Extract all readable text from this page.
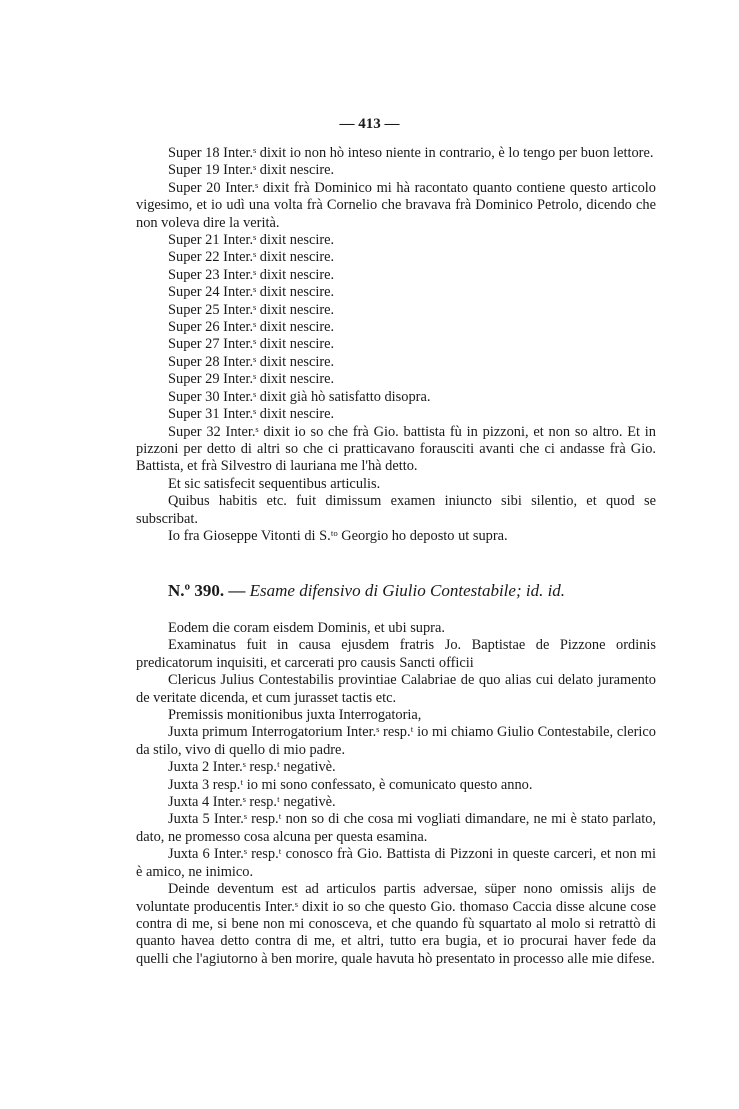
— 413 —

Super 18 Inter.ˢ dixit io non hò inteso niente in contrario, è lo tengo per buon lettore.

Super 19 Inter.ˢ dixit nescire.

Super 20 Inter.ˢ dixit frà Dominico mi hà racontato quanto contiene questo articolo vigesimo, et io udì una volta frà Cornelio che bravava frà Dominico Petrolo, dicendo che non voleva dire la verità.

Super 21 Inter.ˢ dixit nescire.

Super 22 Inter.ˢ dixit nescire.

Super 23 Inter.ˢ dixit nescire.

Super 24 Inter.ˢ dixit nescire.

Super 25 Inter.ˢ dixit nescire.

Super 26 Inter.ˢ dixit nescire.

Super 27 Inter.ˢ dixit nescire.

Super 28 Inter.ˢ dixit nescire.

Super 29 Inter.ˢ dixit nescire.

Super 30 Inter.ˢ dixit già hò satisfatto disopra.

Super 31 Inter.ˢ dixit nescire.

Super 32 Inter.ˢ dixit io so che frà Gio. battista fù in pizzoni, et non so altro. Et in pizzoni per detto di altri so che ci pratticavano forausciti avanti che ci andasse frà Gio. Battista, et frà Silvestro di lauriana me l'hà detto.

Et sic satisfecit sequentibus articulis.

Quibus habitis etc. fuit dimissum examen iniuncto sibi silentio, et quod se subscribat.

Io fra Gioseppe Vitonti di S.ᵗᵒ Georgio ho deposto ut supra.

N.º 390. — Esame difensivo di Giulio Contestabile; id. id.

Eodem die coram eisdem Dominis, et ubi supra.

Examinatus fuit in causa ejusdem fratris Jo. Baptistae de Pizzone ordinis predicatorum inquisiti, et carcerati pro causis Sancti officii

Clericus Julius Contestabilis provintiae Calabriae de quo alias cui delato juramento de veritate dicenda, et cum jurasset tactis etc.

Premissis monitionibus juxta Interrogatoria,

Juxta primum Interrogatorium Inter.ˢ resp.ᵗ io mi chiamo Giulio Contestabile, clerico da stilo, vivo di quello di mio padre.

Juxta 2 Inter.ˢ resp.ᵗ negativè.

Juxta 3 resp.ᵗ io mi sono confessato, è comunicato questo anno.

Juxta 4 Inter.ˢ resp.ᵗ negativè.

Juxta 5 Inter.ˢ resp.ᵗ non so di che cosa mi vogliati dimandare, ne mi è stato parlato, dato, ne promesso cosa alcuna per questa esamina.

Juxta 6 Inter.ˢ resp.ᵗ conosco frà Gio. Battista di Pizzoni in queste carceri, et non mi è amico, ne inimico.

Deinde deventum est ad articulos partis adversae, süper nono omissis alijs de voluntate producentis Inter.ˢ dixit io so che questo Gio. thomaso Caccia disse alcune cose contra di me, si bene non mi conosceva, et che quando fù squartato al molo si retrattò di quanto havea detto contra di me, et altri, tutto era bugia, et io procurai haver fede da quelli che l'agiutorno à ben morire, quale havuta hò presentato in processo alle mie difese.
